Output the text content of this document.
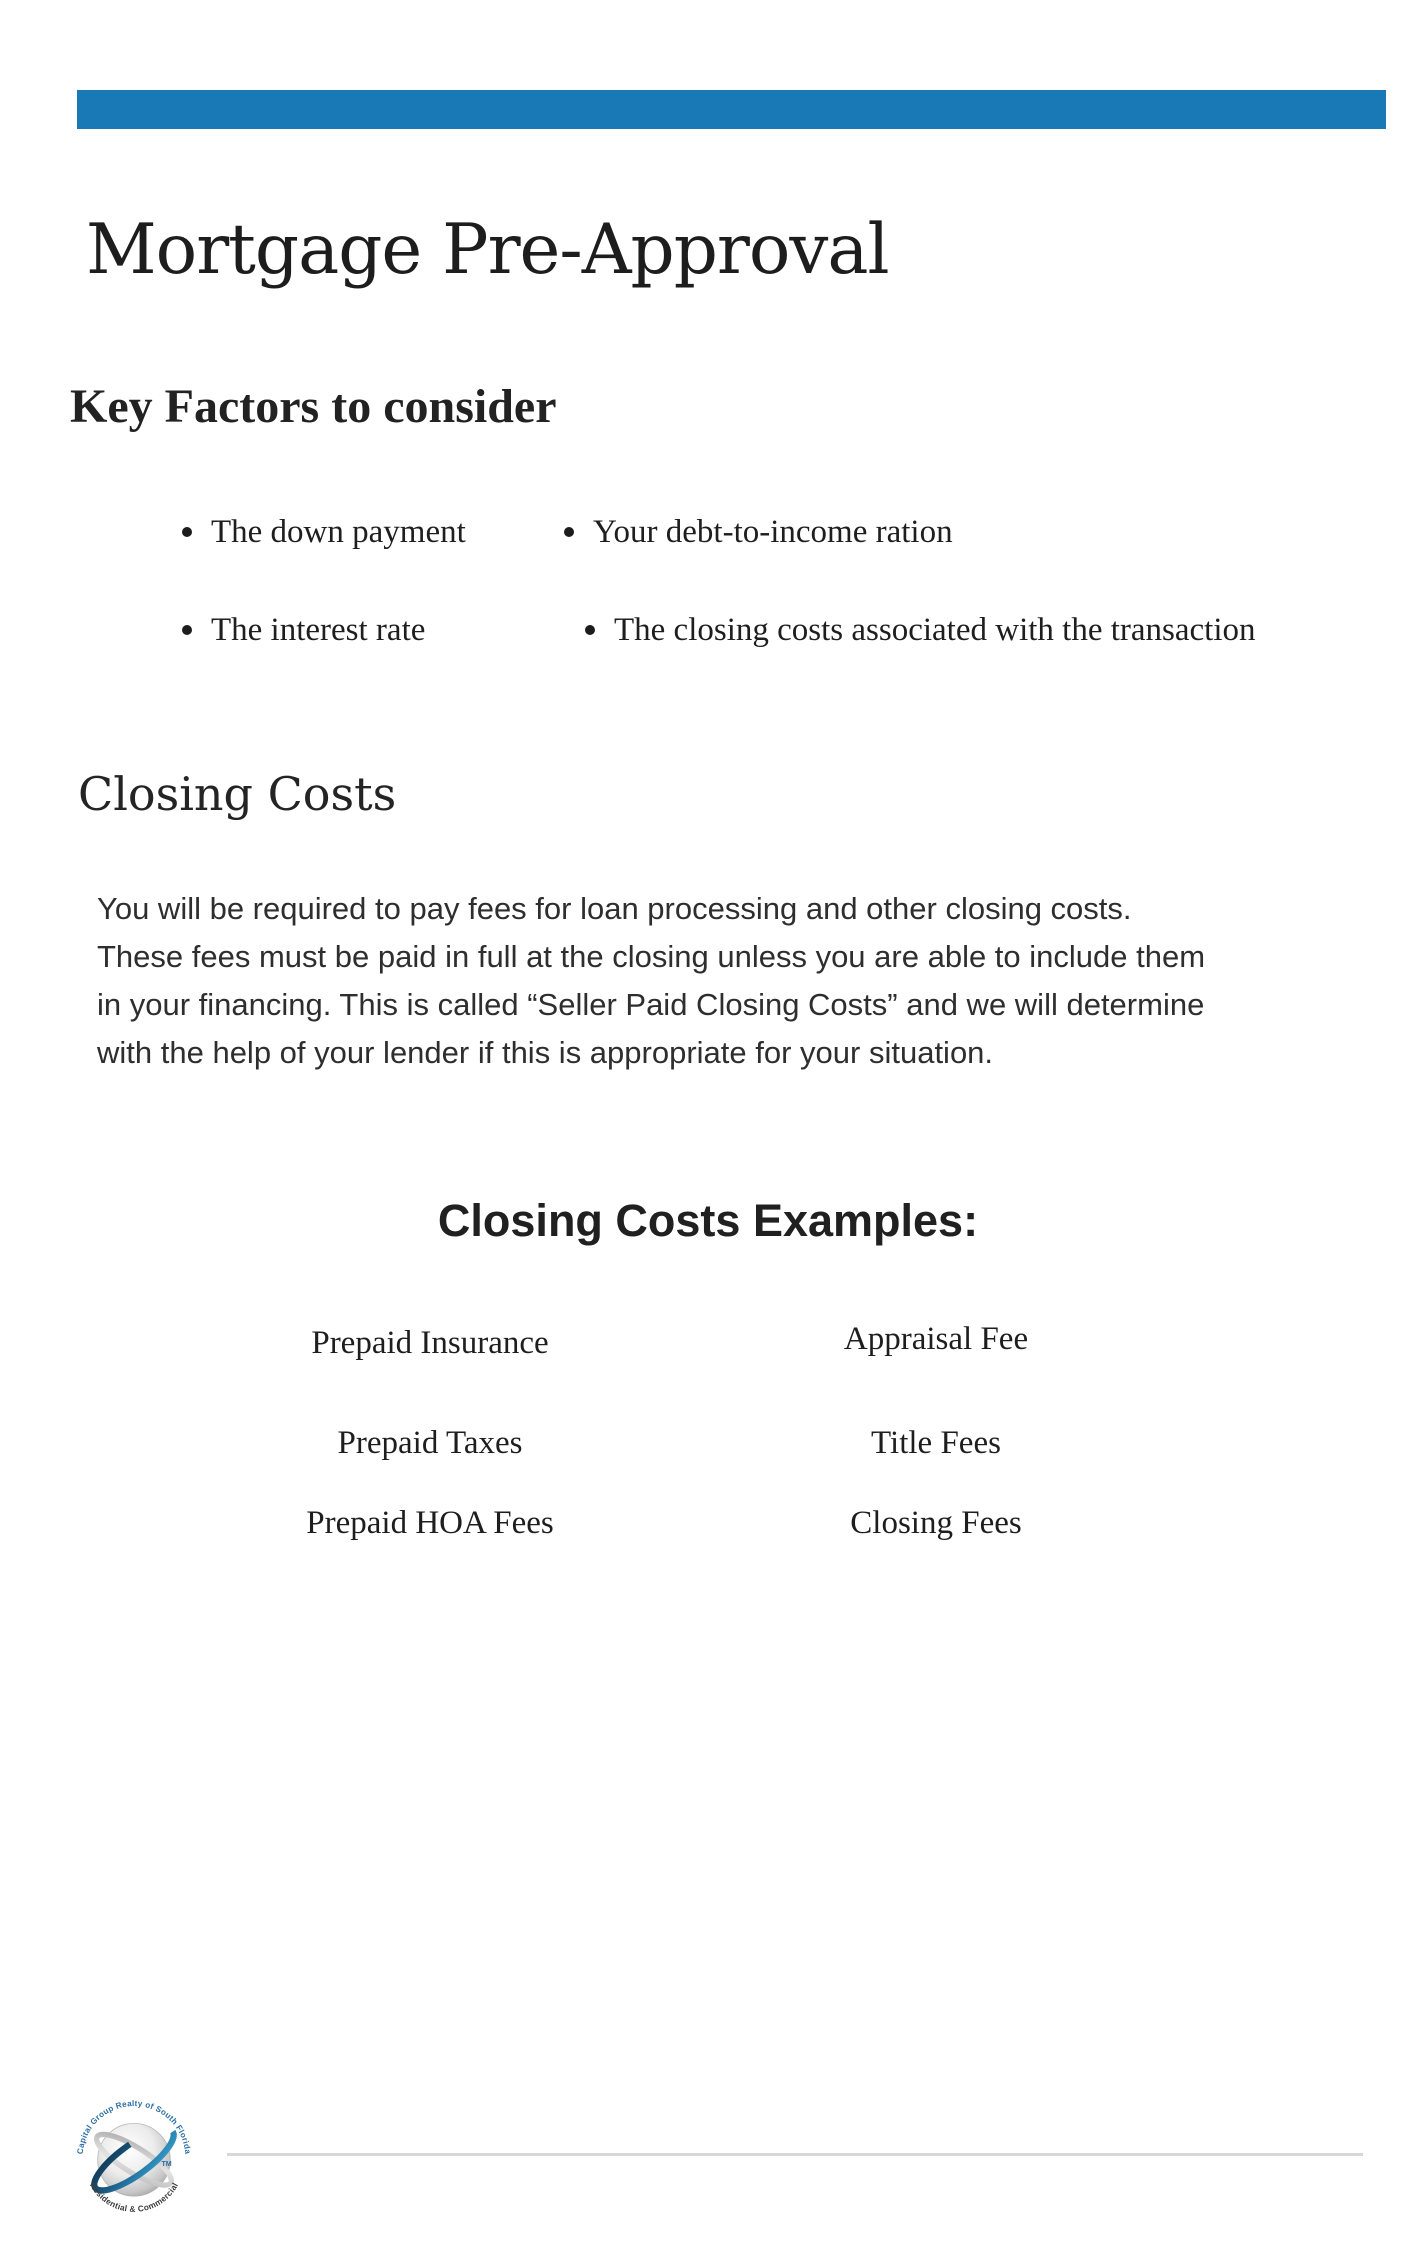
Mortgage Pre-Approval
Key Factors to consider
The down payment	Your debt-to-income ration
The interest rate	The closing costs associated with the transaction
Closing Costs
You will be required to pay fees for loan processing and other closing costs.
These fees must be paid in full at the closing unless you are able to include them
in your financing. This is called “Seller Paid Closing Costs” and we will determine
with the help of your lender if this is appropriate for your situation.
Closing Costs Examples:
Prepaid Insurance	Appraisal Fee
Prepaid Taxes	Title Fees
Prepaid HOA Fees	Closing Fees
Capital Group Realty of South Florida
Residential & Commercial
TM
